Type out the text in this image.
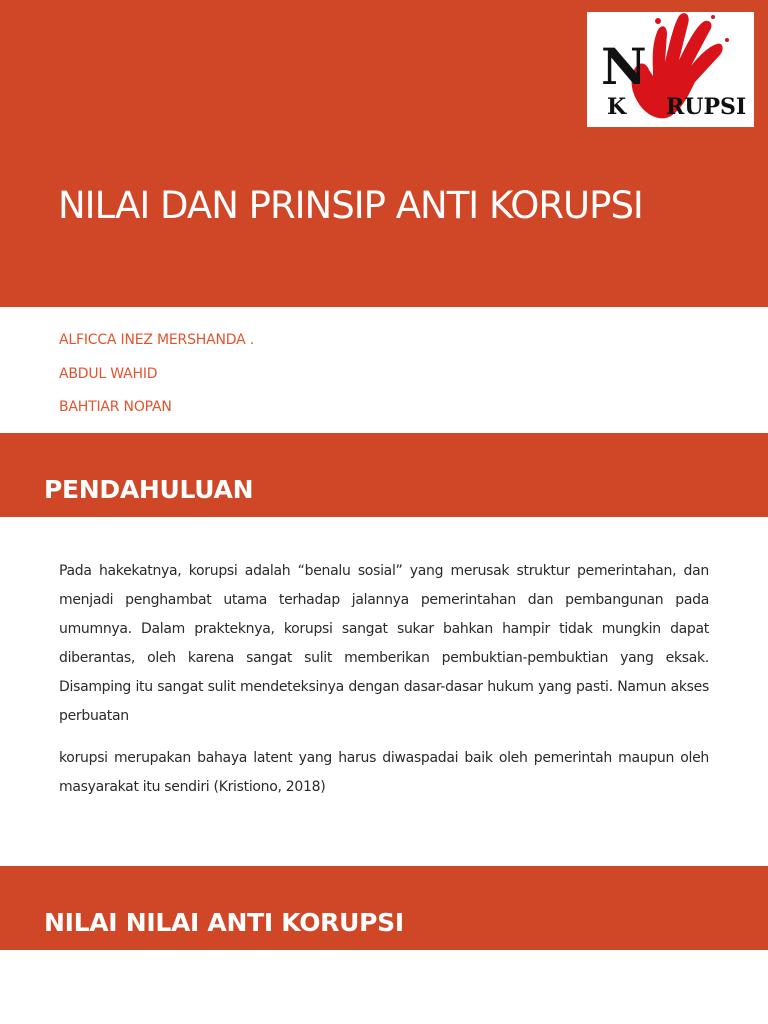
N
K RUPSI
NILAI DAN PRINSIP ANTI KORUPSI
ALFICCA INEZ MERSHANDA .
ABDUL WAHID
BAHTIAR NOPAN
PENDAHULUAN

Pada hakekatnya, korupsi adalah “benalu sosial” yang merusak struktur pemerintahan, dan menjadi penghambat utama terhadap jalannya pemerintahan dan pembangunan pada umumnya. Dalam prakteknya, korupsi sangat sukar bahkan hampir tidak mungkin dapat diberantas, oleh karena sangat sulit memberikan pembuktian-pembuktian yang eksak. Disamping itu sangat sulit mendeteksinya dengan dasar-dasar hukum yang pasti. Namun akses perbuatan

korupsi merupakan bahaya latent yang harus diwaspadai baik oleh pemerintah maupun oleh masyarakat itu sendiri (Kristiono, 2018)

NILAI NILAI ANTI KORUPSI
